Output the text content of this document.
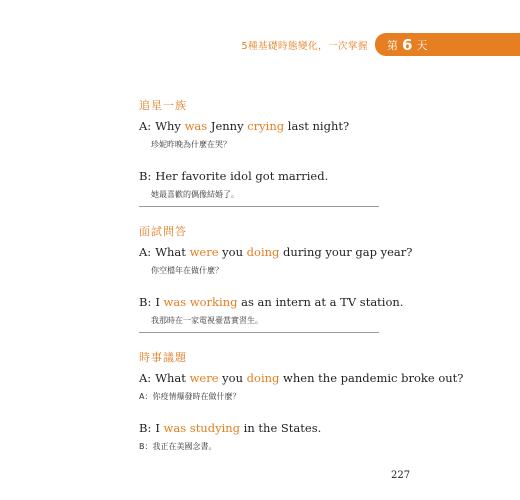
5種基礎時態變化，一次掌握 第 6 天

追星一族

A: Why was Jenny crying last night?

珍妮昨晚為什麼在哭？

B: Her favorite idol got married.

她最喜歡的偶像結婚了。

面試問答

A: What were you doing during your gap year?

你空檔年在做什麼？

B: I was working as an intern at a TV station.

我那時在一家電視臺當實習生。

時事議題

A: What were you doing when the pandemic broke out?

A：你疫情爆發時在做什麼？

B: I was studying in the States.

B：我正在美國念書。

227
